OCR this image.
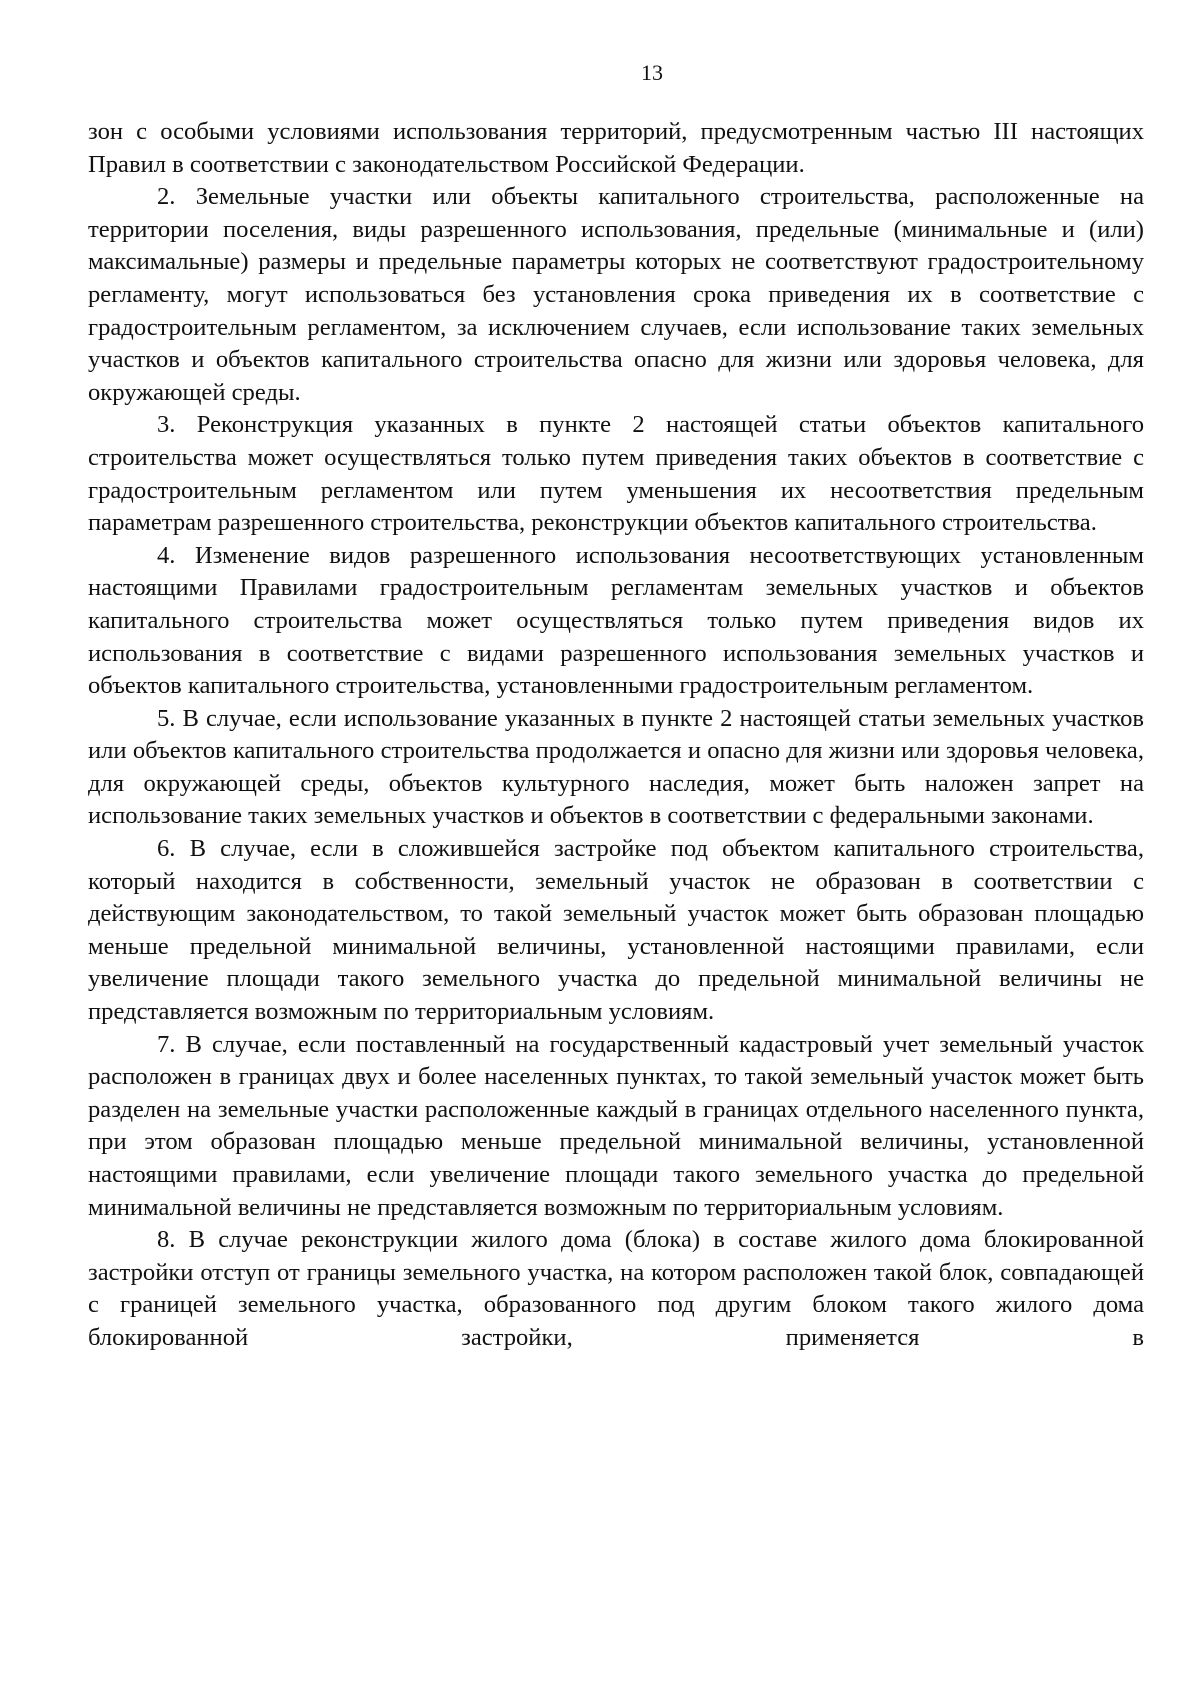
13

зон с особыми условиями использования территорий, предусмотренным частью III настоящих Правил в соответствии с законодательством Российской Федерации.

2. Земельные участки или объекты капитального строительства, расположенные на территории поселения, виды разрешенного использования, предельные (минимальные и (или) максимальные) размеры и предельные параметры которых не соответствуют градостроительному регламенту, могут использоваться без установления срока приведения их в соответствие с градостроительным регламентом, за исключением случаев, если использование таких земельных участков и объектов капитального строительства опасно для жизни или здоровья человека, для окружающей среды.

3. Реконструкция указанных в пункте 2 настоящей статьи объектов капитального строительства может осуществляться только путем приведения таких объектов в соответствие с градостроительным регламентом или путем уменьшения их несоответствия предельным параметрам разрешенного строительства, реконструкции объектов капитального строительства.

4. Изменение видов разрешенного использования несоответствующих установленным настоящими Правилами градостроительным регламентам земельных участков и объектов капитального строительства может осуществляться только путем приведения видов их использования в соответствие с видами разрешенного использования земельных участков и объектов капитального строительства, установленными градостроительным регламентом.

5. В случае, если использование указанных в пункте 2 настоящей статьи земельных участков или объектов капитального строительства продолжается и опасно для жизни или здоровья человека, для окружающей среды, объектов культурного наследия, может быть наложен запрет на использование таких земельных участков и объектов в соответствии с федеральными законами.

6. В случае, если в сложившейся застройке под объектом капитального строительства, который находится в собственности, земельный участок не образован в соответствии с действующим законодательством, то такой земельный участок может быть образован площадью меньше предельной минимальной величины, установленной настоящими правилами, если увеличение площади такого земельного участка до предельной минимальной величины не представляется возможным по территориальным условиям.

7. В случае, если поставленный на государственный кадастровый учет земельный участок расположен в границах двух и более населенных пунктах, то такой земельный участок может быть разделен на земельные участки расположенные каждый в границах отдельного населенного пункта, при этом образован площадью меньше предельной минимальной величины, установленной настоящими правилами, если увеличение площади такого земельного участка до предельной минимальной величины не представляется возможным по территориальным условиям.

8. В случае реконструкции жилого дома (блока) в составе жилого дома блокированной застройки отступ от границы земельного участка, на котором расположен такой блок, совпадающей с границей земельного участка, образованного под другим блоком такого жилого дома блокированной застройки, применяется в
